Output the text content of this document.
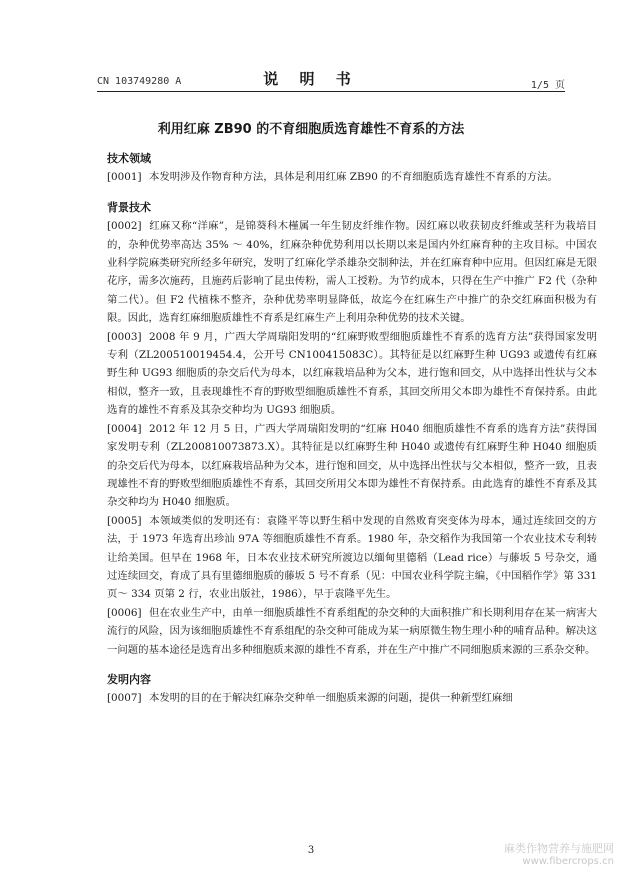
CN 103749280 A	说 明 书	1/5 页
利用红麻 ZB90 的不育细胞质选育雄性不育系的方法
技术领域

[0001] 本发明涉及作物育种方法，具体是利用红麻 ZB90 的不育细胞质选育雄性不育系的方法。

背景技术

[0002] 红麻又称“洋麻”，是锦葵科木槿属一年生韧皮纤维作物。因红麻以收获韧皮纤维或茎秆为栽培目的，杂种优势率高达 35% ～ 40%，红麻杂种优势利用以长期以来是国内外红麻育种的主攻目标。中国农业科学院麻类研究所经多年研究，发明了红麻化学杀雄杂交制种法，并在红麻育种中应用。但因红麻是无限花序，需多次施药，且施药后影响了昆虫传粉，需人工授粉。为节约成本，只得在生产中推广 F2 代（杂种第二代）。但 F2 代植株不整齐，杂种优势率明显降低，故迄今在红麻生产中推广的杂交红麻面积极为有限。因此，选育红麻细胞质雄性不育系是红麻生产上利用杂种优势的技术关键。

[0003] 2008 年 9 月，广西大学周瑞阳发明的“红麻野败型细胞质雄性不育系的选育方法”获得国家发明专利（ZL200510019454.4，公开号 CN100415083C）。其特征是以红麻野生种 UG93 或遗传有红麻野生种 UG93 细胞质的杂交后代为母本，以红麻栽培品种为父本，进行饱和回交，从中选择出性状与父本相似，整齐一致，且表现雄性不育的野败型细胞质雄性不育系，其回交所用父本即为雄性不育保持系。由此选育的雄性不育系及其杂交种均为 UG93 细胞质。

[0004] 2012 年 12 月 5 日，广西大学周瑞阳发明的“红麻 H040 细胞质雄性不育系的选育方法”获得国家发明专利（ZL200810073873.X）。其特征是以红麻野生种 H040 或遗传有红麻野生种 H040 细胞质的杂交后代为母本，以红麻栽培品种为父本，进行饱和回交，从中选择出性状与父本相似，整齐一致，且表现雄性不育的野败型细胞质雄性不育系，其回交所用父本即为雄性不育保持系。由此选育的雄性不育系及其杂交种均为 H040 细胞质。

[0005] 本领域类似的发明还有：袁隆平等以野生稻中发现的自然败育突变体为母本，通过连续回交的方法，于 1973 年选育出珍汕 97A 等细胞质雄性不育系。1980 年，杂交稻作为我国第一个农业技术专利转让给美国。但早在 1968 年，日本农业技术研究所渡边以缅甸里德稻（Lead rice）与藤坂 5 号杂交，通过连续回交，育成了具有里德细胞质的藤坂 5 号不育系（见：中国农业科学院主编，《中国稻作学》第 331 页～ 334 页第 2 行，农业出版社，1986），早于袁隆平先生。

[0006] 但在农业生产中，由单一细胞质雄性不育系组配的杂交种的大面积推广和长期利用存在某一病害大流行的风险，因为该细胞质雄性不育系组配的杂交种可能成为某一病原微生物生理小种的哺育品种。解决这一问题的基本途径是选育出多种细胞质来源的雄性不育系，并在生产中推广不同细胞质来源的三系杂交种。

发明内容

[0007] 本发明的目的在于解决红麻杂交种单一细胞质来源的问题，提供一种新型红麻细

3	麻类作物营养与施肥网
www.fibercrops.cn
